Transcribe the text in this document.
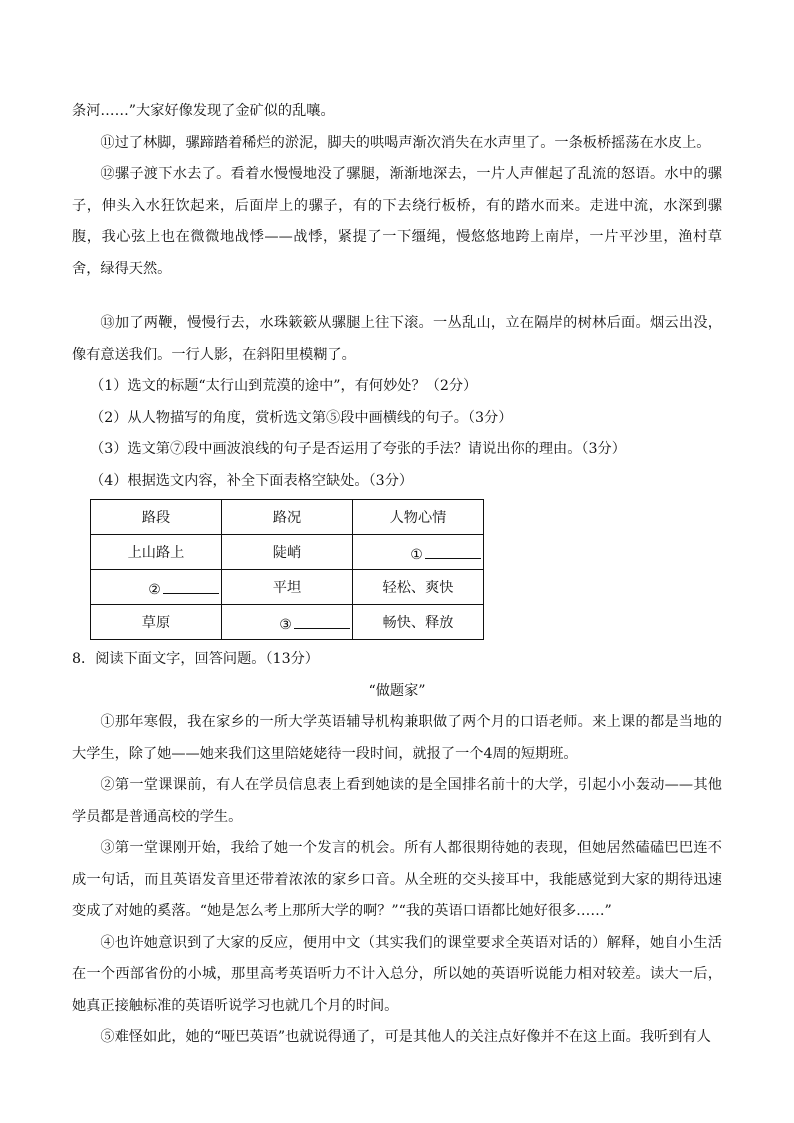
条河……”大家好像发现了金矿似的乱嚷。

⑪过了林脚，骡蹄踏着稀烂的淤泥，脚夫的哄喝声渐次消失在水声里了。一条板桥摇荡在水皮上。

⑫骡子渡下水去了。看着水慢慢地没了骡腿，渐渐地深去，一片人声催起了乱流的怒语。水中的骡子，伸头入水狂饮起来，后面岸上的骡子，有的下去绕行板桥，有的踏水而来。走进中流，水深到骡腹，我心弦上也在微微地战悸——战悸，紧提了一下缰绳，慢悠悠地跨上南岸，一片平沙里，渔村草舍，绿得天然。

⑬加了两鞭，慢慢行去，水珠簌簌从骡腿上往下滚。一丛乱山，立在隔岸的树林后面。烟云出没，像有意送我们。一行人影，在斜阳里模糊了。

（1）选文的标题“太行山到荒漠的途中”，有何妙处？（2分）

（2）从人物描写的角度，赏析选文第⑤段中画横线的句子。（3分）

（3）选文第⑦段中画波浪线的句子是否运用了夸张的手法？请说出你的理由。（3分）

（4）根据选文内容，补全下面表格空缺处。（3分）

路段	路况	人物心情
上山路上	陡峭	①
②	平坦	轻松、爽快
草原	③	畅快、释放

8．阅读下面文字，回答问题。（13分）

“做题家”

①那年寒假，我在家乡的一所大学英语辅导机构兼职做了两个月的口语老师。来上课的都是当地的大学生，除了她——她来我们这里陪姥姥待一段时间，就报了一个4周的短期班。

②第一堂课课前，有人在学员信息表上看到她读的是全国排名前十的大学，引起小小轰动——其他学员都是普通高校的学生。

③第一堂课刚开始，我给了她一个发言的机会。所有人都很期待她的表现，但她居然磕磕巴巴连不成一句话，而且英语发音里还带着浓浓的家乡口音。从全班的交头接耳中，我能感觉到大家的期待迅速变成了对她的奚落。“她是怎么考上那所大学的啊？”“我的英语口语都比她好很多……”

④也许她意识到了大家的反应，便用中文（其实我们的课堂要求全英语对话的）解释，她自小生活在一个西部省份的小城，那里高考英语听力不计入总分，所以她的英语听说能力相对较差。读大一后，她真正接触标准的英语听说学习也就几个月的时间。

⑤难怪如此，她的“哑巴英语”也就说得通了，可是其他人的关注点好像并不在这上面。我听到有人
